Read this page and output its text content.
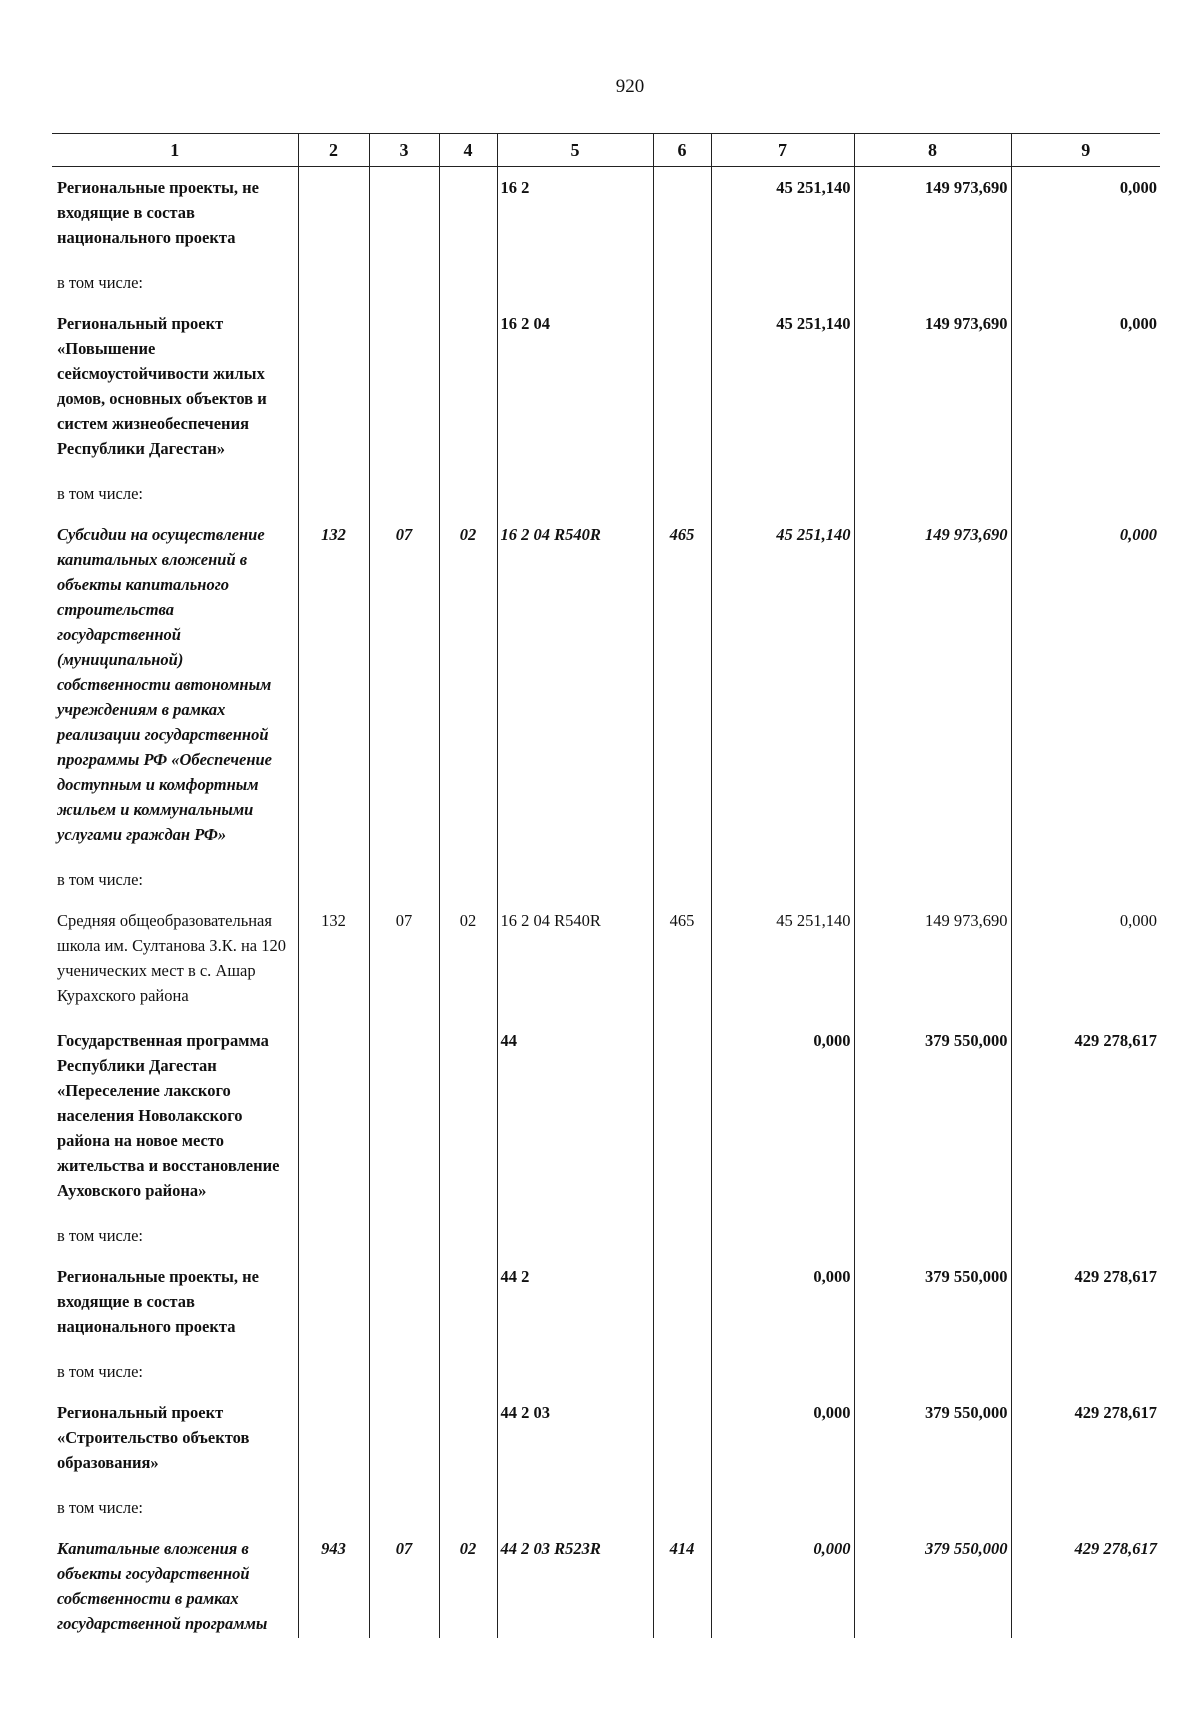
920
1	2	3	4	5	6	7	8	9
Региональные проекты, не входящие в состав национального проекта				16 2		45 251,140	149 973,690	0,000
в том числе:								
Региональный проект «Повышение сейсмоустойчивости жилых домов, основных объектов и систем жизнеобеспечения Республики Дагестан»				16 2 04		45 251,140	149 973,690	0,000
в том числе:								
Субсидии на осуществление капитальных вложений в объекты капитального строительства государственной (муниципальной) собственности автономным учреждениям в рамках реализации государственной программы РФ «Обеспечение доступным и комфортным жильем и коммунальными услугами граждан РФ»	132	07	02	16 2 04 R540R	465	45 251,140	149 973,690	0,000
в том числе:								
Средняя общеобразовательная школа им. Султанова З.К. на 120 ученических мест в с. Ашар Курахского района	132	07	02	16 2 04 R540R	465	45 251,140	149 973,690	0,000
Государственная программа Республики Дагестан «Переселение лакского населения Новолакского района на новое место жительства и восстановление Ауховского района»				44		0,000	379 550,000	429 278,617
в том числе:								
Региональные проекты, не входящие в состав национального проекта				44 2		0,000	379 550,000	429 278,617
в том числе:								
Региональный проект «Строительство объектов образования»				44 2 03		0,000	379 550,000	429 278,617
в том числе:								
Капитальные вложения в объекты государственной собственности в рамках государственной программы	943	07	02	44 2 03 R523R	414	0,000	379 550,000	429 278,617
